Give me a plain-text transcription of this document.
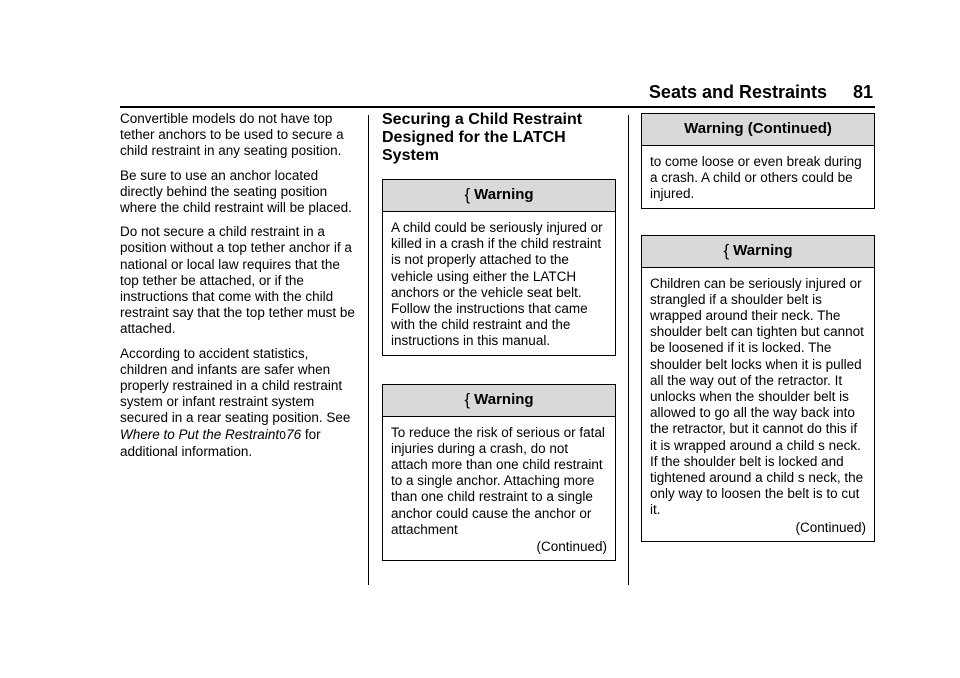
Seats and Restraints 81

Convertible models do not have top tether anchors to be used to secure a child restraint in any seating position.

Be sure to use an anchor located directly behind the seating position where the child restraint will be placed.

Do not secure a child restraint in a position without a top tether anchor if a national or local law requires that the top tether be attached, or if the instructions that come with the child restraint say that the top tether must be attached.

According to accident statistics, children and infants are safer when properly restrained in a child restraint system or infant restraint system secured in a rear seating position. See Where to Put the Restraint076 for additional information.

Securing a Child Restraint Designed for the LATCH System
{ Warning
A child could be seriously injured or killed in a crash if the child restraint is not properly attached to the vehicle using either the LATCH anchors or the vehicle seat belt. Follow the instructions that came with the child restraint and the instructions in this manual.
{ Warning
To reduce the risk of serious or fatal injuries during a crash, do not attach more than one child restraint to a single anchor. Attaching more than one child restraint to a single anchor could cause the anchor or attachment
(Continued)
Warning (Continued)
to come loose or even break during a crash. A child or others could be injured.
{ Warning
Children can be seriously injured or strangled if a shoulder belt is wrapped around their neck. The shoulder belt can tighten but cannot be loosened if it is locked. The shoulder belt locks when it is pulled all the way out of the retractor. It unlocks when the shoulder belt is allowed to go all the way back into the retractor, but it cannot do this if it is wrapped around a child s neck. If the shoulder belt is locked and tightened around a child s neck, the only way to loosen the belt is to cut it.
(Continued)
